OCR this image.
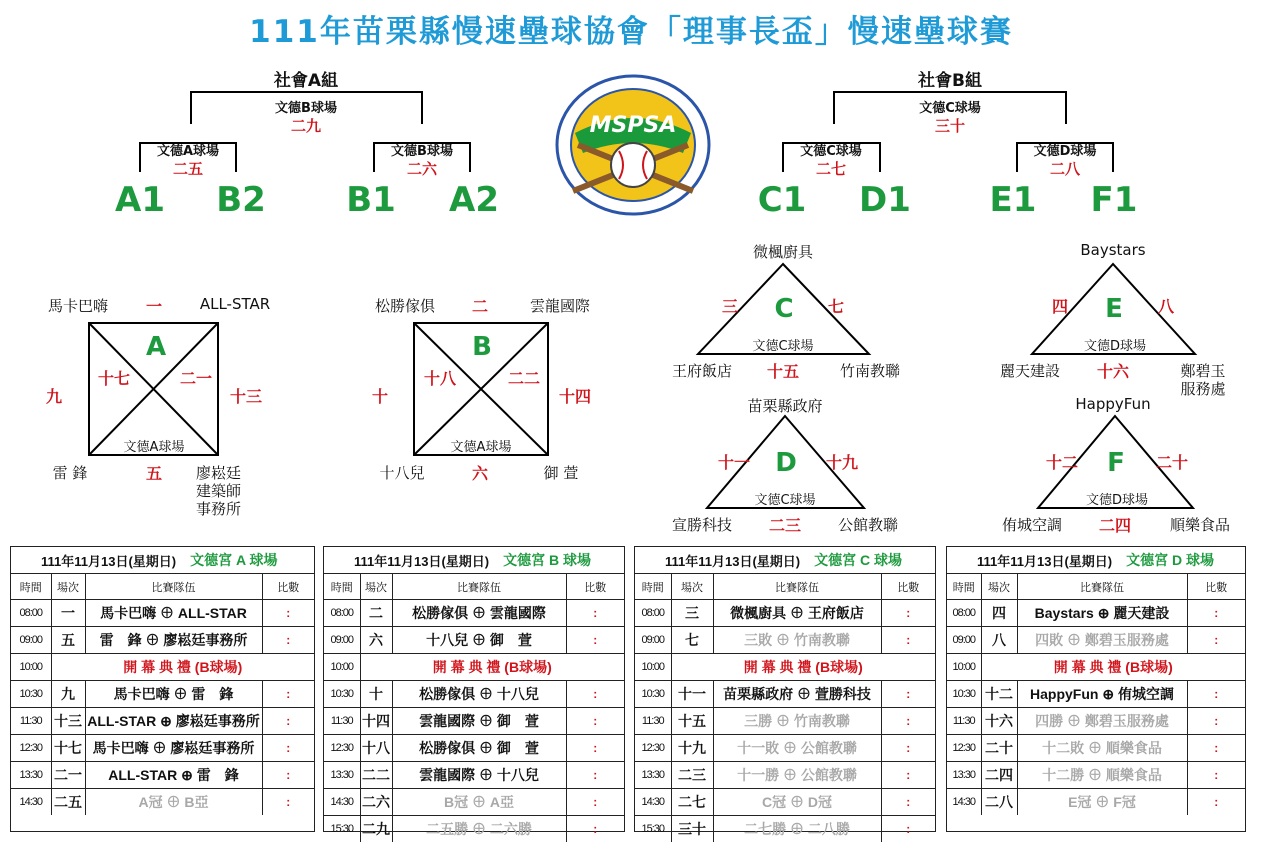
111年苗栗縣慢速壘球協會「理事長盃」慢速壘球賽
MSPSA
社會A組
文德B球場
二九
文德A球場
二五
文德B球場
二六
A1	B2	B1	A2
社會B組
文德C球場
三十
文德C球場
二七
文德D球場
二八
C1	D1	E1	F1
馬卡巴嗨	一	ALL-STAR
A
十七	二一
九	十三
文德A球場
雷 鋒	五	廖崧廷
建築師
事務所
松勝傢俱	二	雲龍國際
B
十八	二二
十	十四
文德A球場
十八兒	六	御 萱
微楓廚具
三	七
C
文德C球場
王府飯店	十五	竹南教聯
苗栗縣政府
十一	十九
D
文德C球場
宣勝科技	二三	公館教聯
Baystars
四	八
E
文德D球場
麗天建設	十六	鄭碧玉
服務處
HappyFun
十二	二十
F
文德D球場
侑城空調	二四	順樂食品
111年11月13日(星期日) 文德宮 A 球場
時間	場次	比賽隊伍	比數
08:00	一	馬卡巴嗨 ⊕ ALL-STAR	:
09:00	五	雷　鋒 ⊕ 廖崧廷事務所	:
10:00	開 幕 典 禮 (B球場)		
10:30	九	馬卡巴嗨 ⊕ 雷　鋒	:
11:30	十三	ALL-STAR ⊕ 廖崧廷事務所	:
12:30	十七	馬卡巴嗨 ⊕ 廖崧廷事務所	:
13:30	二一	ALL-STAR ⊕ 雷　鋒	:
14:30	二五	A冠 ⊕ B亞	:
111年11月13日(星期日) 文德宮 B 球場
時間	場次	比賽隊伍	比數
08:00	二	松勝傢俱 ⊕ 雲龍國際	:
09:00	六	十八兒 ⊕ 御　萱	:
10:00	開 幕 典 禮 (B球場)		
10:30	十	松勝傢俱 ⊕ 十八兒	:
11:30	十四	雲龍國際 ⊕ 御　萱	:
12:30	十八	松勝傢俱 ⊕ 御　萱	:
13:30	二二	雲龍國際 ⊕ 十八兒	:
14:30	二六	B冠 ⊕ A亞	:
15:30	二九	二五勝 ⊕ 二六勝	:
111年11月13日(星期日) 文德宮 C 球場
時間	場次	比賽隊伍	比數
08:00	三	微楓廚具 ⊕ 王府飯店	:
09:00	七	三敗 ⊕ 竹南教聯	:
10:00	開 幕 典 禮 (B球場)		
10:30	十一	苗栗縣政府 ⊕ 萱勝科技	:
11:30	十五	三勝 ⊕ 竹南教聯	:
12:30	十九	十一敗 ⊕ 公館教聯	:
13:30	二三	十一勝 ⊕ 公館教聯	:
14:30	二七	C冠 ⊕ D冠	:
15:30	三十	二七勝 ⊕ 二八勝	:
111年11月13日(星期日) 文德宮 D 球場
時間	場次	比賽隊伍	比數
08:00	四	Baystars ⊕ 麗天建設	:
09:00	八	四敗 ⊕ 鄭碧玉服務處	:
10:00	開 幕 典 禮 (B球場)		
10:30	十二	HappyFun ⊕ 侑城空調	:
11:30	十六	四勝 ⊕ 鄭碧玉服務處	:
12:30	二十	十二敗 ⊕ 順樂食品	:
13:30	二四	十二勝 ⊕ 順樂食品	:
14:30	二八	E冠 ⊕ F冠	:
